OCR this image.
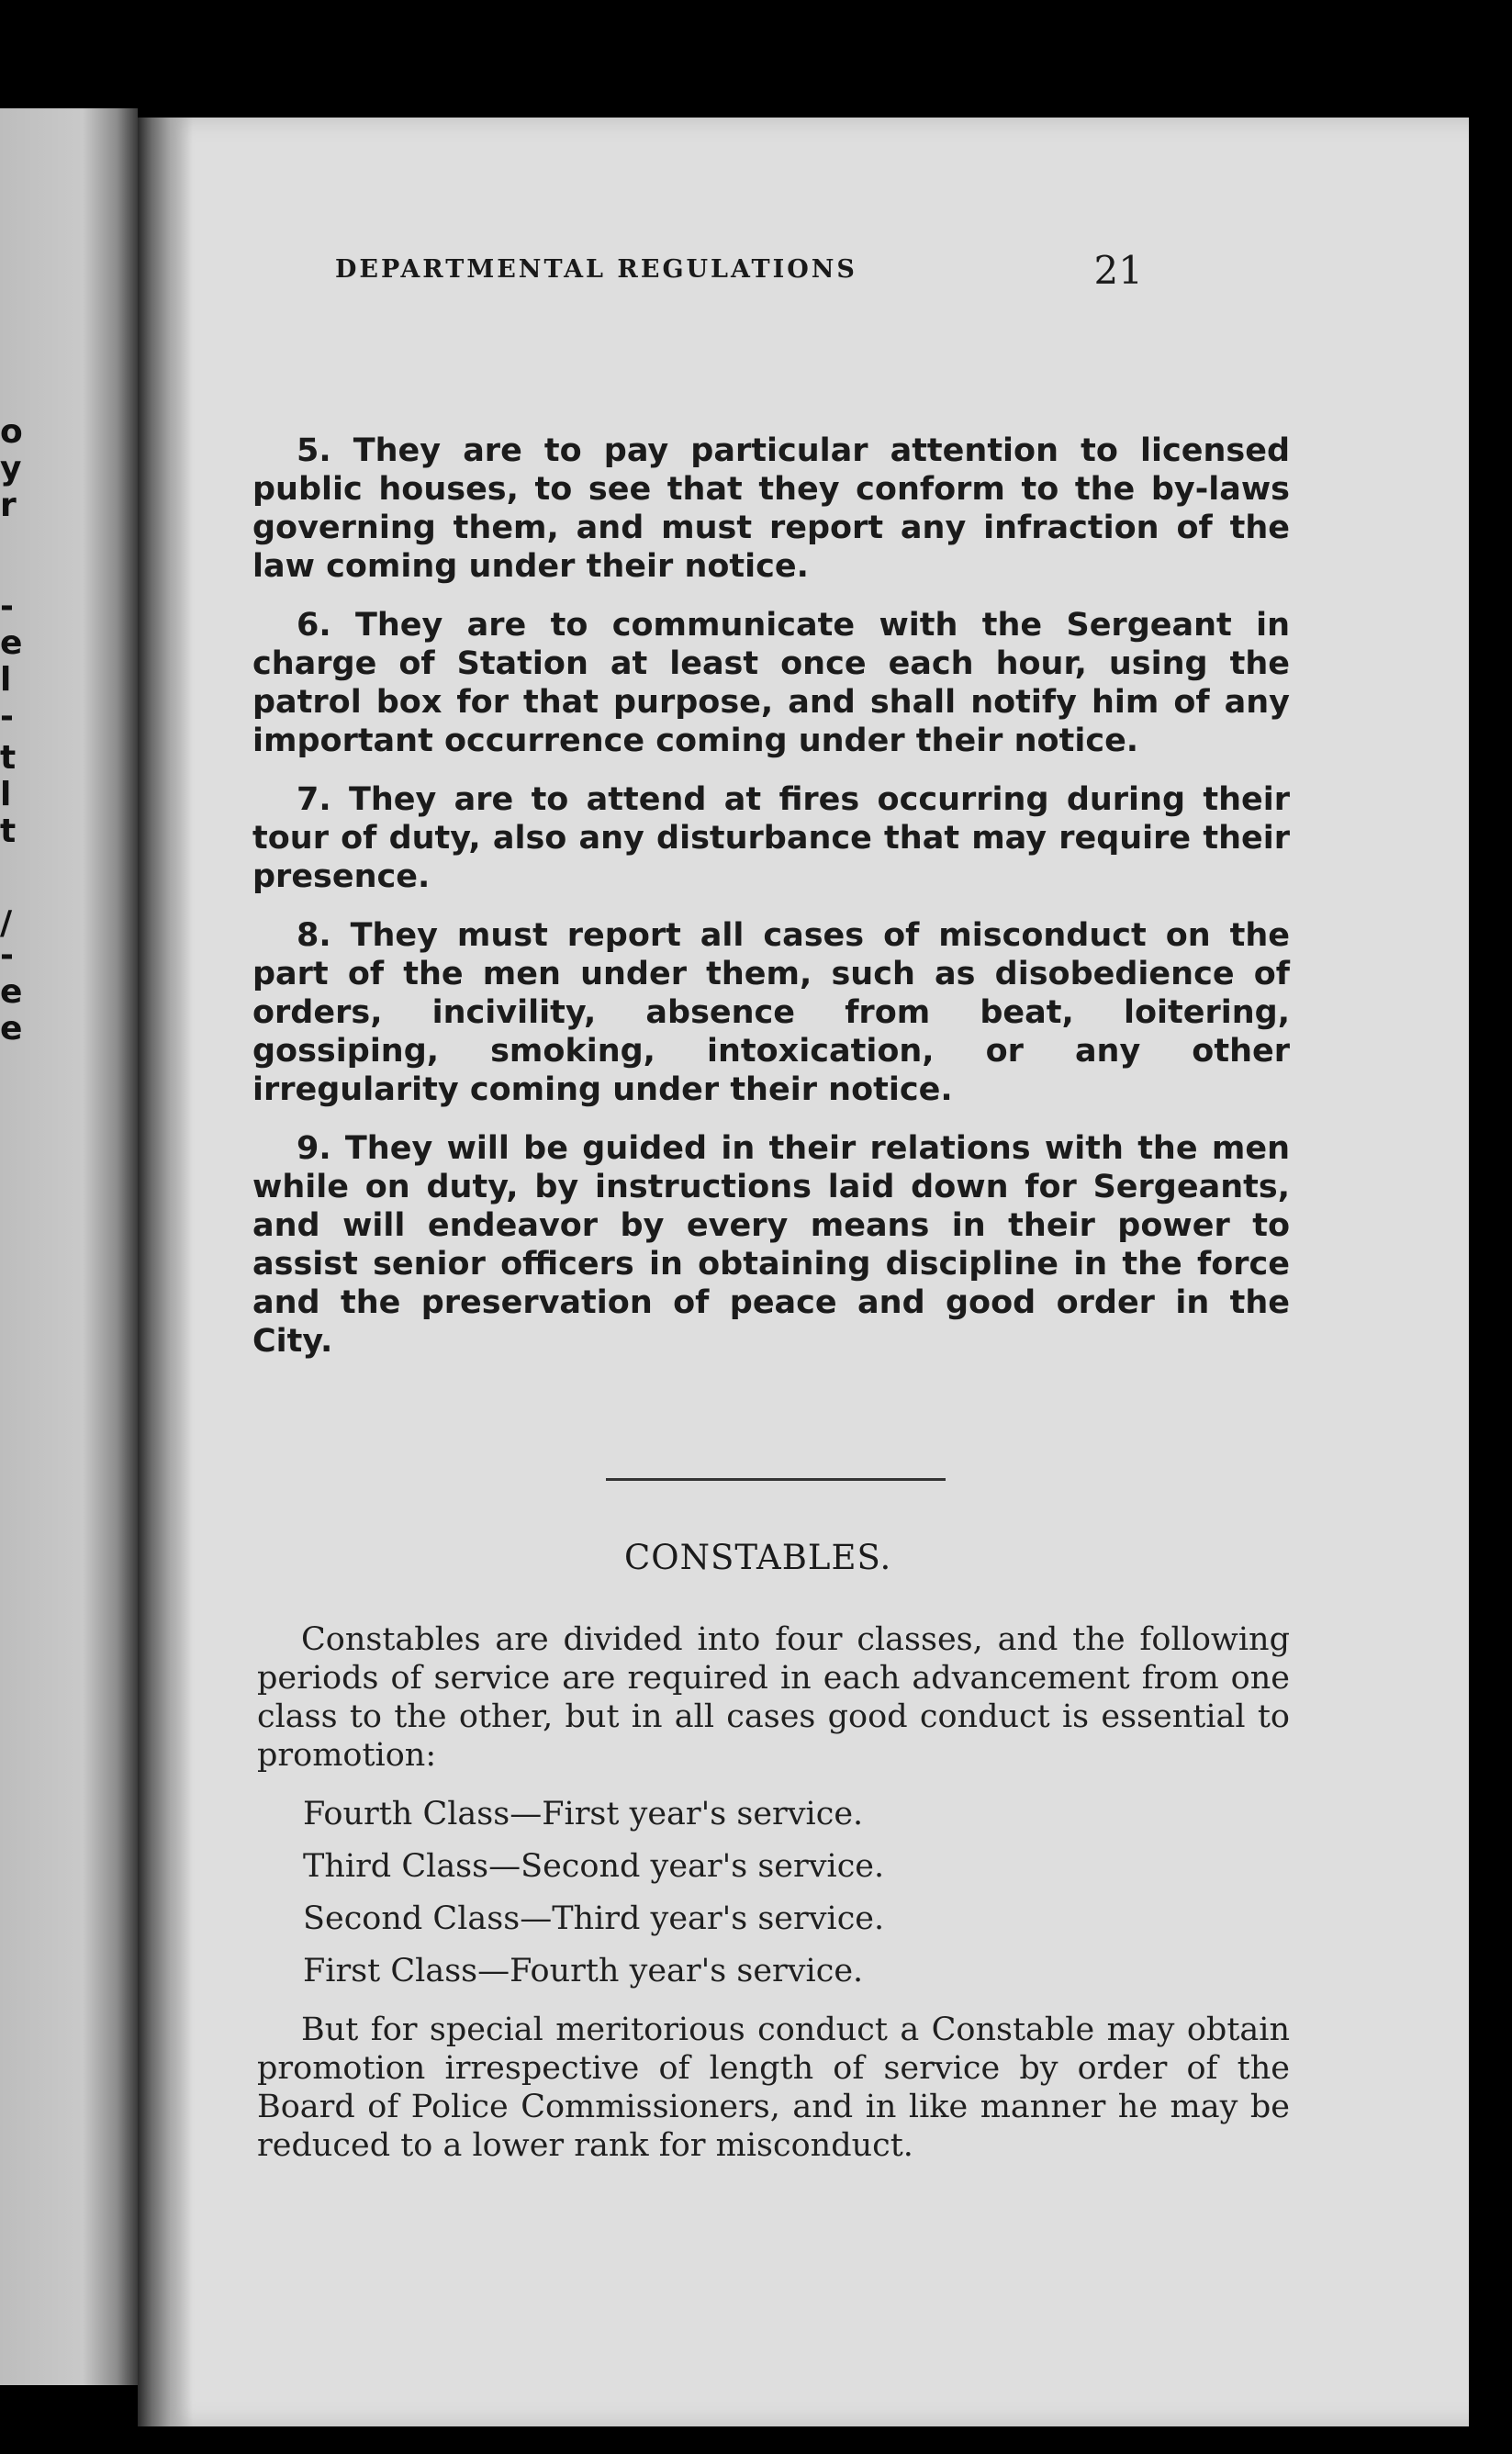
o
y
r
-
e
l
-
t
l
t
/
-
e
e
DEPARTMENTAL REGULATIONS	21

5. They are to pay particular attention to licensed public houses, to see that they conform to the by-laws governing them, and must report any infraction of the law coming under their notice.

6. They are to communicate with the Sergeant in charge of Station at least once each hour, using the patrol box for that purpose, and shall notify him of any important occurrence coming under their notice.

7. They are to attend at fires occurring during their tour of duty, also any disturbance that may require their presence.

8. They must report all cases of misconduct on the part of the men under them, such as disobedience of orders, incivility, absence from beat, loitering, gossiping, smoking, intoxication, or any other irregularity coming under their notice.

9. They will be guided in their relations with the men while on duty, by instructions laid down for Sergeants, and will endeavor by every means in their power to assist senior officers in obtaining discipline in the force and the preservation of peace and good order in the City.

CONSTABLES.
Constables are divided into four classes, and the following periods of service are required in each advancement from one class to the other, but in all cases good conduct is essential to promotion:
Fourth Class—First year's service.
Third Class—Second year's service.
Second Class—Third year's service.
First Class—Fourth year's service.
But for special meritorious conduct a Constable may obtain promotion irrespective of length of service by order of the Board of Police Commissioners, and in like manner he may be reduced to a lower rank for misconduct.
